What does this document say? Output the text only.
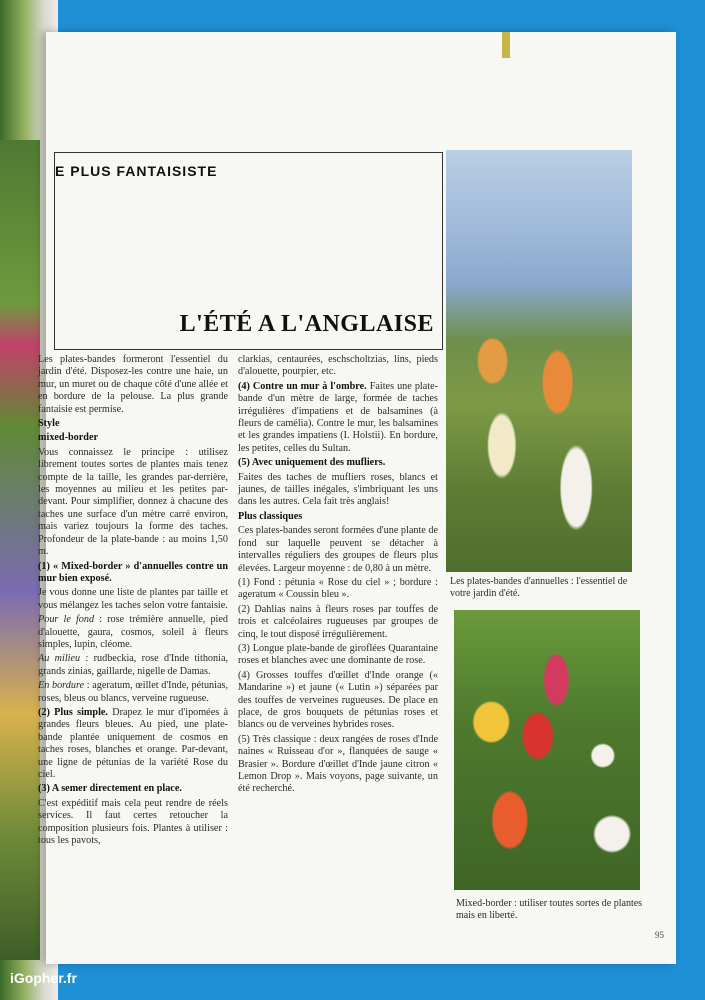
E PLUS FANTAISISTE
L'ÉTÉ A L'ANGLAISE

Les plates-bandes formeront l'essentiel du jardin d'été. Disposez-les contre une haie, un mur, un muret ou de chaque côté d'une allée et en bordure de la pelouse. La plus grande fantaisie est permise.

Style

mixed-border

Vous connaissez le principe : utilisez librement toutes sortes de plantes mais tenez compte de la taille, les grandes par-derrière, les moyennes au milieu et les petites par-devant. Pour simplifier, donnez à chacune des taches une surface d'un mètre carré environ, mais variez toujours la forme des taches. Profondeur de la plate-bande : au moins 1,50 m.

(1) « Mixed-border » d'annuelles contre un mur bien exposé.

Je vous donne une liste de plantes par taille et vous mélangez les taches selon votre fantaisie.

Pour le fond : rose trémière annuelle, pied d'alouette, gaura, cosmos, soleil à fleurs simples, lupin, cléome.

Au milieu : rudbeckia, rose d'Inde tithonia, grands zinias, gaillarde, nigelle de Damas.

En bordure : ageratum, œillet d'Inde, pétunias, roses, bleus ou blancs, verveine rugueuse.

(2) Plus simple. Drapez le mur d'ipomées à grandes fleurs bleues. Au pied, une plate-bande plantée uniquement de cosmos en taches roses, blanches et orange. Par-devant, une ligne de pétunias de la variété Rose du ciel.

(3) A semer directement en place.

C'est expéditif mais cela peut rendre de réels services. Il faut certes retoucher la composition plusieurs fois. Plantes à utiliser : tous les pavots,

clarkias, centaurées, eschscholtzias, lins, pieds d'alouette, pourpier, etc.

(4) Contre un mur à l'ombre. Faites une plate-bande d'un mètre de large, formée de taches irrégulières d'impatiens et de balsamines (à fleurs de camélia). Contre le mur, les balsamines et les grandes impatiens (I. Holstii). En bordure, les petites, celles du Sultan.

(5) Avec uniquement des mufliers.

Faites des taches de mufliers roses, blancs et jaunes, de tailles inégales, s'imbriquant les uns dans les autres. Cela fait très anglais!

Plus classiques

Ces plates-bandes seront formées d'une plante de fond sur laquelle peuvent se détacher à intervalles réguliers des groupes de fleurs plus élevées. Largeur moyenne : de 0,80 à un mètre.

(1) Fond : pétunia « Rose du ciel » ; bordure : ageratum « Coussin bleu ».

(2) Dahlias nains à fleurs roses par touffes de trois et calcéolaires rugueuses par groupes de cinq, le tout disposé irrégulièrement.

(3) Longue plate-bande de giroflées Quarantaine roses et blanches avec une dominante de rose.

(4) Grosses touffes d'œillet d'Inde orange (« Mandarine ») et jaune (« Lutin ») séparées par des touffes de verveines rugueuses. De place en place, de gros bouquets de pétunias roses et blancs ou de verveines hybrides roses.

(5) Très classique : deux rangées de roses d'Inde naines « Ruisseau d'or », flanquées de sauge « Brasier ». Bordure d'œillet d'Inde jaune citron « Lemon Drop ». Mais voyons, page suivante, un été recherché.

Les plates-bandes d'annuelles : l'essentiel de votre jardin d'été.
Mixed-border : utiliser toutes sortes de plantes mais en liberté.
95
iGopher.fr
